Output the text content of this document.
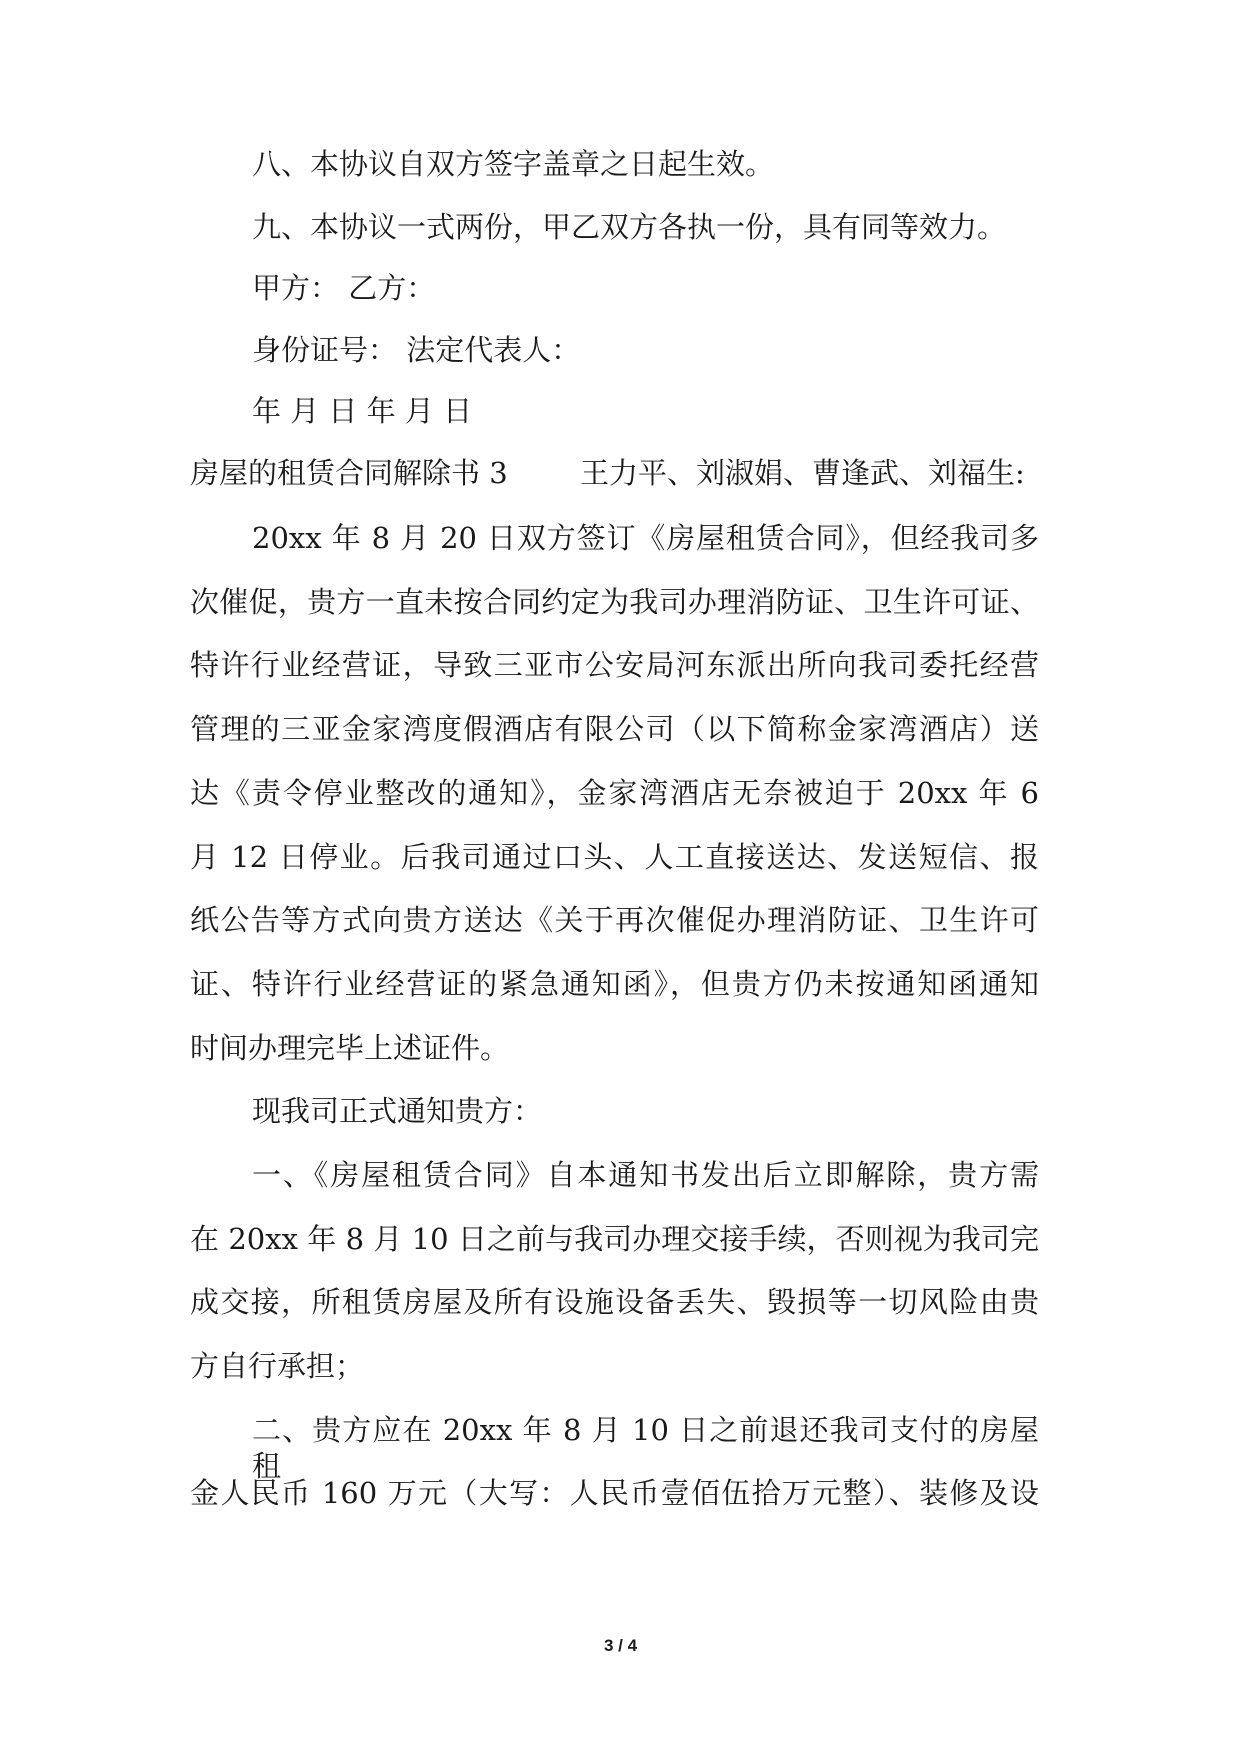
八、本协议自双方签字盖章之日起生效。
九、本协议一式两份，甲乙双方各执一份，具有同等效力。
甲方： 乙方：
身份证号： 法定代表人：
年 月 日 年 月 日
房屋的租赁合同解除书 3 王力平、刘淑娟、曹逢武、刘福生:
20xx 年 8 月 20 日双方签订《房屋租赁合同》，但经我司多
次催促，贵方一直未按合同约定为我司办理消防证、卫生许可证、
特许行业经营证，导致三亚市公安局河东派出所向我司委托经营
管理的三亚金家湾度假酒店有限公司（以下简称金家湾酒店）送
达《责令停业整改的通知》，金家湾酒店无奈被迫于 20xx 年 6
月 12 日停业。后我司通过口头、人工直接送达、发送短信、报
纸公告等方式向贵方送达《关于再次催促办理消防证、卫生许可
证、特许行业经营证的紧急通知函》，但贵方仍未按通知函通知
时间办理完毕上述证件。
现我司正式通知贵方：
一、《房屋租赁合同》自本通知书发出后立即解除，贵方需
在 20xx 年 8 月 10 日之前与我司办理交接手续，否则视为我司完
成交接，所租赁房屋及所有设施设备丢失、毁损等一切风险由贵
方自行承担；
二、贵方应在 20xx 年 8 月 10 日之前退还我司支付的房屋租
金人民币 160 万元（大写：人民币壹佰伍拾万元整）、装修及设
3 / 4
